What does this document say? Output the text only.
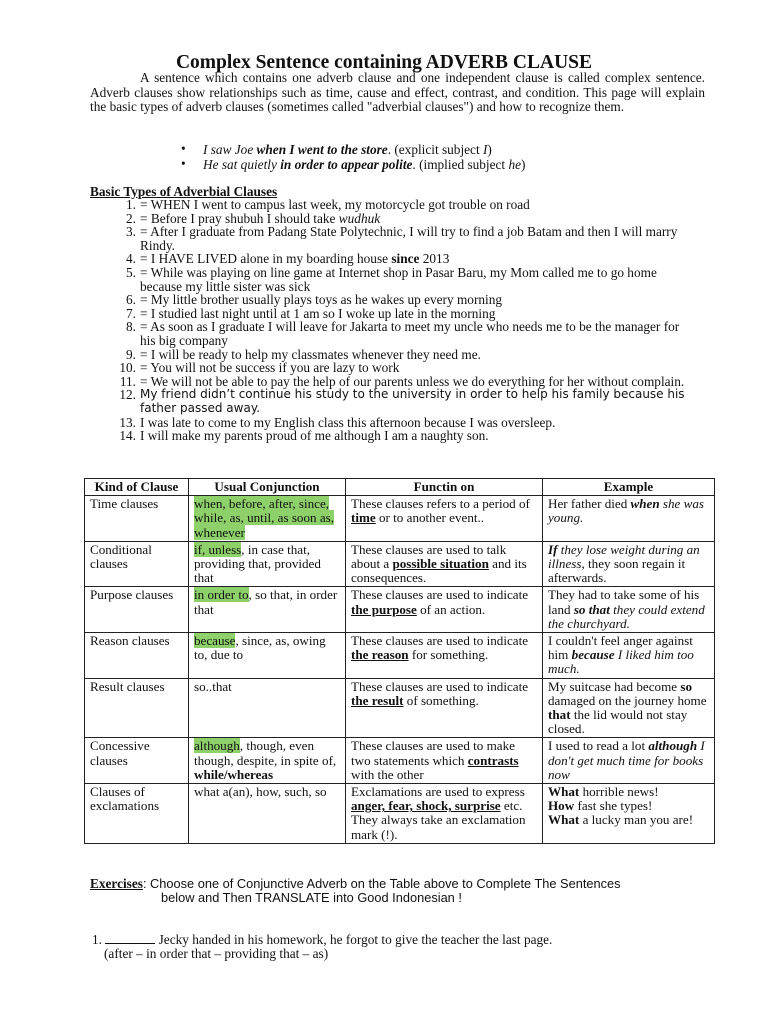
Complex Sentence containing ADVERB CLAUSE

A sentence which contains one adverb clause and one independent clause is called complex sentence. Adverb clauses show relationships such as time, cause and effect, contrast, and condition. This page will explain the basic types of adverb clauses (sometimes called "adverbial clauses") and how to recognize them.

• I saw Joe when I went to the store. (explicit subject I)
• He sat quietly in order to appear polite. (implied subject he)
Basic Types of Adverbial Clauses
1. = WHEN I went to campus last week, my motorcycle got trouble on road
2. = Before I pray shubuh I should take wudhuk
3. = After I graduate from Padang State Polytechnic, I will try to find a job Batam and then I will marry Rindy.
4. = I HAVE LIVED alone in my boarding house since 2013
5. = While was playing on line game at Internet shop in Pasar Baru, my Mom called me to go home because my little sister was sick
6. = My little brother usually plays toys as he wakes up every morning
7. = I studied last night until at 1 am so I woke up late in the morning
8. = As soon as I graduate I will leave for Jakarta to meet my uncle who needs me to be the manager for his big company
9. = I will be ready to help my classmates whenever they need me.
10. = You will not be success if you are lazy to work
11. = We will not be able to pay the help of our parents unless we do everything for her without complain.
12. My friend didn’t continue his study to the university in order to help his family because his father passed away.
13. I was late to come to my English class this afternoon because I was oversleep.
14. I will make my parents proud of me although I am a naughty son.
Kind of Clause	Usual Conjunction	Functin on	Example
Time clauses	when, before, after, since, while, as, until, as soon as, whenever	These clauses refers to a period of time or to another event..	Her father died when she was young.
Conditional clauses	if, unless, in case that, providing that, provided that	These clauses are used to talk about a possible situation and its consequences.	If they lose weight during an illness, they soon regain it afterwards.
Purpose clauses	in order to, so that, in order that	These clauses are used to indicate the purpose of an action.	They had to take some of his land so that they could extend the churchyard.
Reason clauses	because, since, as, owing to, due to	These clauses are used to indicate the reason for something.	I couldn't feel anger against him because I liked him too much.
Result clauses	so..that	These clauses are used to indicate the result of something.	My suitcase had become so damaged on the journey home that the lid would not stay closed.
Concessive clauses	although, though, even though, despite, in spite of, while/whereas	These clauses are used to make two statements which contrasts with the other	I used to read a lot although I don't get much time for books now
Clauses of exclamations	what a(an), how, such, so	Exclamations are used to express anger, fear, shock, surprise etc. They always take an exclamation mark (!).	What horrible news!
How fast she types!
What a lucky man you are!
Exercises: Choose one of Conjunctive Adverb on the Table above to Complete The Sentences
below and Then TRANSLATE into Good Indonesian !
1.	Jecky handed in his homework, he forgot to give the teacher the last page.
(after – in order that – providing that – as)
